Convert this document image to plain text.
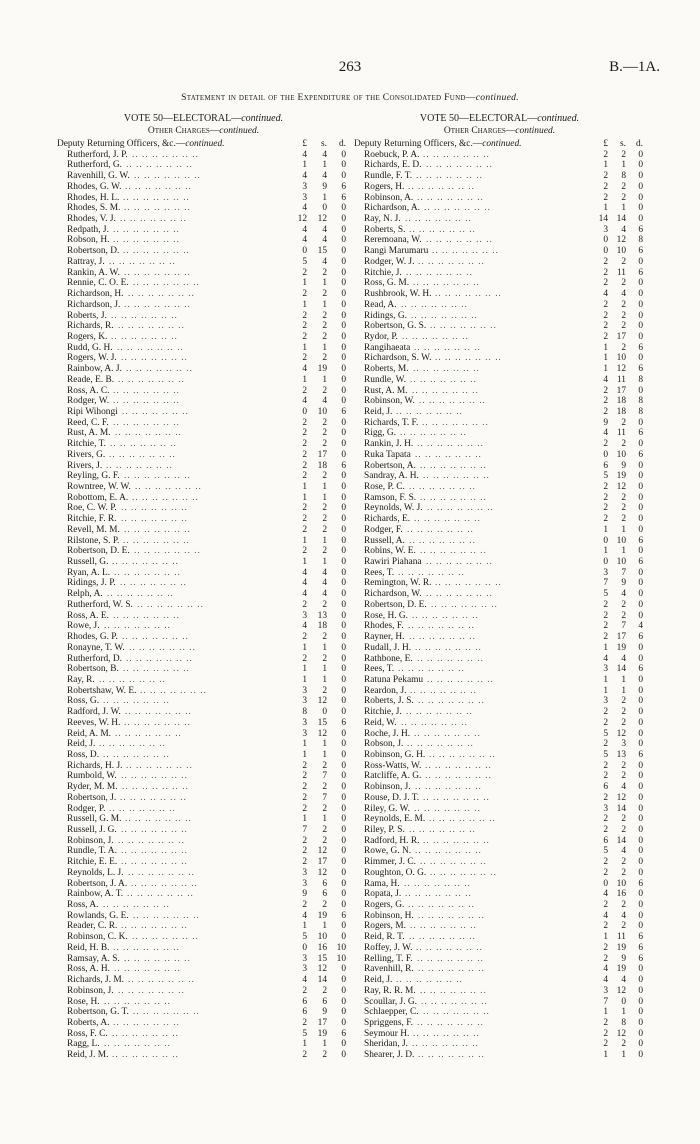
263	B.—1A.
Statement in detail of the Expenditure of the Consolidated Fund—continued.
VOTE 50—ELECTORAL—continued.
Other Charges—continued.
Deputy Returning Officers, &c.—continued.	£	s.	d.
Rutherford, J. P. .. .. .. .. .. .. ..	4	4	0
Rutherford, G. .. .. .. .. .. .. ..	1	1	0
Ravenhill, G. W. .. .. .. .. .. .. ..	4	4	0
Rhodes, G. W. .. .. .. .. .. .. ..	3	9	6
Rhodes, H. L. .. .. .. .. .. .. ..	3	1	6
Rhodes, S. M. .. .. .. .. .. .. ..	4	0	0
Rhodes, V. J. .. .. .. .. .. .. ..	12	12	0
Redpath, J. .. .. .. .. .. .. ..	4	4	0
Robson, H. .. .. .. .. .. .. ..	4	4	0
Robertson, D. .. .. .. .. .. .. ..	0	15	0
Rattray, J. .. .. .. .. .. .. ..	5	4	0
Rankin, A. W. .. .. .. .. .. .. ..	2	2	0
Rennie, C. O. E. .. .. .. .. .. .. ..	1	1	0
Richardson, H. .. .. .. .. .. .. ..	2	2	0
Richardson, J. .. .. .. .. .. .. ..	1	1	0
Roberts, J. .. .. .. .. .. .. ..	2	2	0
Richards, R. .. .. .. .. .. .. ..	2	2	0
Rogers, K. .. .. .. .. .. .. ..	2	2	0
Rudd, G. H. .. .. .. .. .. .. ..	1	1	0
Rogers, W. J. .. .. .. .. .. .. ..	2	2	0
Rainbow, A. J. .. .. .. .. .. .. ..	4	19	0
Reade, E. B. .. .. .. .. .. .. ..	1	1	0
Ross, A. C. .. .. .. .. .. .. ..	2	2	0
Rodger, W. .. .. .. .. .. .. ..	4	4	0
Ripi Wihongi .. .. .. .. .. .. ..	0	10	6
Reed, C. F. .. .. .. .. .. .. ..	2	2	0
Rust, A. M. .. .. .. .. .. .. ..	2	2	0
Ritchie, T. .. .. .. .. .. .. ..	2	2	0
Rivers, G. .. .. .. .. .. .. ..	2	17	0
Rivers, J. .. .. .. .. .. .. ..	2	18	6
Reyling, G. F. .. .. .. .. .. .. ..	2	2	0
Rowntree, W. W. .. .. .. .. .. .. ..	1	1	0
Robottom, E. A. .. .. .. .. .. .. ..	1	1	0
Roe, C. W. P. .. .. .. .. .. .. ..	2	2	0
Ritchie, F. R. .. .. .. .. .. .. ..	2	2	0
Revell, M. M. .. .. .. .. .. .. ..	2	2	0
Rilstone, S. P. .. .. .. .. .. .. ..	1	1	0
Robertson, D. E. .. .. .. .. .. .. ..	2	2	0
Russell, G. .. .. .. .. .. .. ..	1	1	0
Ryan, A. L. .. .. .. .. .. .. ..	4	4	0
Ridings, J. P. .. .. .. .. .. .. ..	4	4	0
Relph, A. .. .. .. .. .. .. ..	4	4	0
Rutherford, W. S. .. .. .. .. .. .. ..	2	2	0
Ross, A. E. .. .. .. .. .. .. ..	3	13	0
Rowe, J. .. .. .. .. .. .. ..	4	18	0
Rhodes, G. P. .. .. .. .. .. .. ..	2	2	0
Ronayne, T. W. .. .. .. .. .. .. ..	1	1	0
Rutherford, D. .. .. .. .. .. .. ..	2	2	0
Robertson, B. .. .. .. .. .. .. ..	1	1	0
Ray, R. .. .. .. .. .. .. ..	1	1	0
Robertshaw, W. E. .. .. .. .. .. .. ..	3	2	0
Ross, G. .. .. .. .. .. .. ..	3	12	0
Radford, J. W. .. .. .. .. .. .. ..	8	0	0
Reeves, W. H. .. .. .. .. .. .. ..	3	15	6
Reid, A. M. .. .. .. .. .. .. ..	3	12	0
Reid, J. .. .. .. .. .. .. ..	1	1	0
Ross, D. .. .. .. .. .. .. ..	1	1	0
Richards, H. J. .. .. .. .. .. .. ..	2	2	0
Rumbold, W. .. .. .. .. .. .. ..	2	7	0
Ryder, M. M. .. .. .. .. .. .. ..	2	2	0
Robertson, J. .. .. .. .. .. .. ..	2	7	0
Rodger, P. .. .. .. .. .. .. ..	2	2	0
Russell, G. M. .. .. .. .. .. .. ..	1	1	0
Russell, J. G. .. .. .. .. .. .. ..	7	2	0
Robinson, J. .. .. .. .. .. .. ..	2	2	0
Rundle, T. A. .. .. .. .. .. .. ..	2	12	0
Ritchie, E. E. .. .. .. .. .. .. ..	2	17	0
Reynolds, L. J. .. .. .. .. .. .. ..	3	12	0
Robertson, J. A. .. .. .. .. .. .. ..	3	6	0
Rainbow, A. T. .. .. .. .. .. .. ..	9	6	0
Ross, A. .. .. .. .. .. .. ..	2	2	0
Rowlands, G. E. .. .. .. .. .. .. ..	4	19	6
Reader, C. R. .. .. .. .. .. .. ..	1	1	0
Robinson, C. K. .. .. .. .. .. .. ..	5	10	0
Reid, H. B. .. .. .. .. .. .. ..	0	16	10
Ramsay, A. S. .. .. .. .. .. .. ..	3	15	10
Ross, A. H. .. .. .. .. .. .. ..	3	12	0
Richards, J. M. .. .. .. .. .. .. ..	4	14	0
Robinson, J. .. .. .. .. .. .. ..	2	2	0
Rose, H. .. .. .. .. .. .. ..	6	6	0
Robertson, G. T. .. .. .. .. .. .. ..	6	9	0
Roberts, A. .. .. .. .. .. .. ..	2	17	0
Ross, F. C. .. .. .. .. .. .. ..	5	19	6
Ragg, L. .. .. .. .. .. .. ..	1	1	0
Reid, J. M. .. .. .. .. .. .. ..	2	2	0
VOTE 50—ELECTORAL—continued.
Other Charges—continued.
Deputy Returning Officers, &c.—continued.	£	s.	d.
Roebuck, P. A. .. .. .. .. .. .. ..	2	2	0
Richards, E. D. .. .. .. .. .. .. ..	1	1	0
Rundle, F. T. .. .. .. .. .. .. ..	2	8	0
Rogers, H. .. .. .. .. .. .. ..	2	2	0
Robinson, A. .. .. .. .. .. .. ..	2	2	0
Richardson, A. .. .. .. .. .. .. ..	1	1	0
Ray, N. J. .. .. .. .. .. .. ..	14 14	0
Roberts, S. .. .. .. .. .. .. ..	3	4	6
Reremoana, W. .. .. .. .. .. .. ..	0 12	8
Rangi Marumaru .. .. .. .. .. .. ..	0 10	6
Rodger, W. J. .. .. .. .. .. .. ..	2	2	0
Ritchie, J. .. .. .. .. .. .. ..	2 11	6
Ross, G. M. .. .. .. .. .. .. ..	2	2	0
Rushbrook, W. H. .. .. .. .. .. .. ..	4	4	0
Read, A. .. .. .. .. .. .. ..	2	2	0
Ridings, G. .. .. .. .. .. .. ..	2	2	0
Robertson, G. S. .. .. .. .. .. .. ..	2	2	0
Rydor, P. .. .. .. .. .. .. ..	2 17	0
Rangihaeata .. .. .. .. .. .. ..	1	2	6
Richardson, S. W. .. .. .. .. .. .. ..	1 10	0
Roberts, M. .. .. .. .. .. .. ..	1 12	6
Rundle, W. .. .. .. .. .. .. ..	4 11	8
Rust, A. M. .. .. .. .. .. .. ..	2 17	0
Robinson, W. .. .. .. .. .. .. ..	2 18	8
Reid, J. .. .. .. .. .. .. ..	2 18	8
Richards, T. F. .. .. .. .. .. .. ..	9	2	0
Rigg, G. .. .. .. .. .. .. ..	4 11	6
Rankin, J. H. .. .. .. .. .. .. ..	2	2	0
Ruka Tapata .. .. .. .. .. .. ..	0 10	6
Robertson, A. .. .. .. .. .. .. ..	6	9	0
Sandray, A. H. .. .. .. .. .. .. ..	5 19	0
Rose, P. C. .. .. .. .. .. .. ..	2 12	0
Ramson, F. S. .. .. .. .. .. .. ..	2	2	0
Reynolds, W. J. .. .. .. .. .. .. ..	2	2	0
Richards, E. .. .. .. .. .. .. ..	2	2	0
Rodger, F. .. .. .. .. .. .. ..	1	1	0
Russell, A. .. .. .. .. .. .. ..	0 10	6
Robins, W. E. .. .. .. .. .. .. ..	1	1	0
Rawiri Piahana .. .. .. .. .. .. ..	0 10	6
Rees, T. .. .. .. .. .. .. ..	3	7	0
Remington, W. R. .. .. .. .. .. .. ..	7	9	0
Richardson, W. .. .. .. .. .. .. ..	5	4	0
Robertson, D. E. .. .. .. .. .. .. ..	2	2	0
Rose, H. G. .. .. .. .. .. .. ..	2	2	0
Rhodes, F. .. .. .. .. .. .. ..	2	7	4
Rayner, H. .. .. .. .. .. .. ..	2 17	6
Rudall, J. H. .. .. .. .. .. .. ..	1 19	0
Rathbone, E. .. .. .. .. .. .. ..	4	4	0
Rees, T. .. .. .. .. .. .. ..	3 14	6
Ratuna Pekamu .. .. .. .. .. .. ..	1	1	0
Reardon, J. .. .. .. .. .. .. ..	1	1	0
Roberts, J. S. .. .. .. .. .. .. ..	3	2	0
Ritchie, J. .. .. .. .. .. .. ..	2	2	0
Reid, W. .. .. .. .. .. .. ..	2	2	0
Roche, J. H. .. .. .. .. .. .. ..	5 12	0
Robson, J. .. .. .. .. .. .. ..	2	3	0
Robinson, G. H. .. .. .. .. .. .. ..	5 13	6
Ross-Watts, W. .. .. .. .. .. .. ..	2	2	0
Ratcliffe, A. G. .. .. .. .. .. .. ..	2	2	0
Robinson, J. .. .. .. .. .. .. ..	6	4	0
Rouse, D. J. T. .. .. .. .. .. .. ..	2 12	0
Riley, G. W. .. .. .. .. .. .. ..	3 14	0
Reynolds, E. M. .. .. .. .. .. .. ..	2	2	0
Riley, P. S. .. .. .. .. .. .. ..	2	2	0
Radford, H. R. .. .. .. .. .. .. ..	6 14	0
Rowe, G. N. .. .. .. .. .. .. ..	5	4	0
Rimmer, J. C. .. .. .. .. .. .. ..	2	2	0
Roughton, O. G. .. .. .. .. .. .. ..	2	2	0
Rama, H. .. .. .. .. .. .. ..	0 10	6
Ropata, J. .. .. .. .. .. .. ..	4 16	0
Rogers, G. .. .. .. .. .. .. ..	2	2	0
Robinson, H. .. .. .. .. .. .. ..	4	4	0
Rogers, M. .. .. .. .. .. .. ..	2	2	0
Reid, R. T. .. .. .. .. .. .. ..	1 11	6
Roffey, J. W. .. .. .. .. .. .. ..	2 19	6
Relling, T. F. .. .. .. .. .. .. ..	2	9	6
Ravenhill, R. .. .. .. .. .. .. ..	4 19	0
Reid, J. .. .. .. .. .. .. ..	4	4	0
Ray, R. R. M. .. .. .. .. .. .. ..	3 12	0
Scoullar, J. G. .. .. .. .. .. .. ..	7	0	0
Schlaepper, C. .. .. .. .. .. .. ..	1	1	0
Spriggens, F. .. .. .. .. .. .. ..	2	8	0
Seymour H. .. .. .. .. .. .. ..	2 12	0
Sheridan, J. .. .. .. .. .. .. ..	2	2	0
Shearer, J. D. .. .. .. .. .. .. ..	1	1	0
